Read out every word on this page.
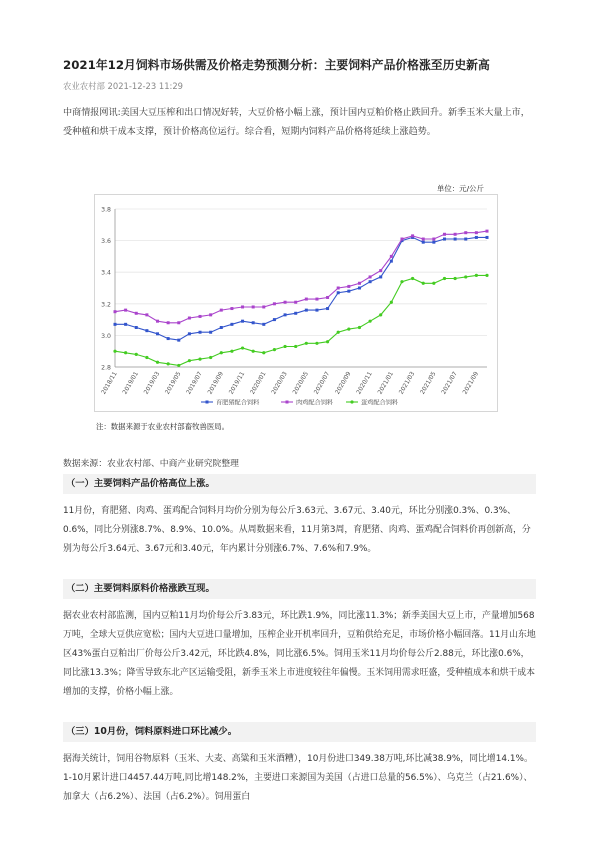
2021年12月饲料市场供需及价格走势预测分析：主要饲料产品价格涨至历史新高
农业农村部 2021-12-23 11:29
中商情报网讯:美国大豆压榨和出口情况好转，大豆价格小幅上涨，预计国内豆粕价格止跌回升。新季玉米大量上市，受种植和烘干成本支撑，预计价格高位运行。综合看，短期内饲料产品价格将延续上涨趋势。
单位：元/公斤
2.8
3.0
3.2
3.4
3.6
3.8
2018/11 2019/01 2019/03 2019/05 2019/07 2019/09 2019/11 2020/01 2020/03 2020/05 2020/07 2020/09 2020/11 2021/01 2021/03 2021/05 2021/07 2021/09
育肥猪配合饲料	肉鸡配合饲料	蛋鸡配合饲料
注：数据来源于农业农村部畜牧兽医局。
数据来源：农业农村部、中商产业研究院整理
（一）主要饲料产品价格高位上涨。

11月份，育肥猪、肉鸡、蛋鸡配合饲料月均价分别为每公斤3.63元、3.67元、3.40元，环比分别涨0.3%、0.3%、0.6%，同比分别涨8.7%、8.9%、10.0%。从周数据来看，11月第3周，育肥猪、肉鸡、蛋鸡配合饲料价再创新高，分别为每公斤3.64元、3.67元和3.40元，年内累计分别涨6.7%、7.6%和7.9%。

（二）主要饲料原料价格涨跌互现。

据农业农村部监测，国内豆粕11月均价每公斤3.83元，环比跌1.9%，同比涨11.3%；新季美国大豆上市，产量增加568万吨，全球大豆供应宽松；国内大豆进口量增加，压榨企业开机率回升，豆粕供给充足，市场价格小幅回落。11月山东地区43%蛋白豆粕出厂价每公斤3.42元，环比跌4.8%，同比涨6.5%。饲用玉米11月均价每公斤2.88元，环比涨0.6%，同比涨13.3%；降雪导致东北产区运输受阻，新季玉米上市进度较往年偏慢。玉米饲用需求旺盛，受种植成本和烘干成本增加的支撑，价格小幅上涨。

（三）10月份，饲料原料进口环比减少。

据海关统计，饲用谷物原料（玉米、大麦、高粱和玉米酒糟），10月份进口349.38万吨,环比减38.9%，同比增14.1%。1-10月累计进口4457.44万吨,同比增148.2%，主要进口来源国为美国（占进口总量的56.5%）、乌克兰（占21.6%）、加拿大（占6.2%）、法国（占6.2%）。饲用蛋白
